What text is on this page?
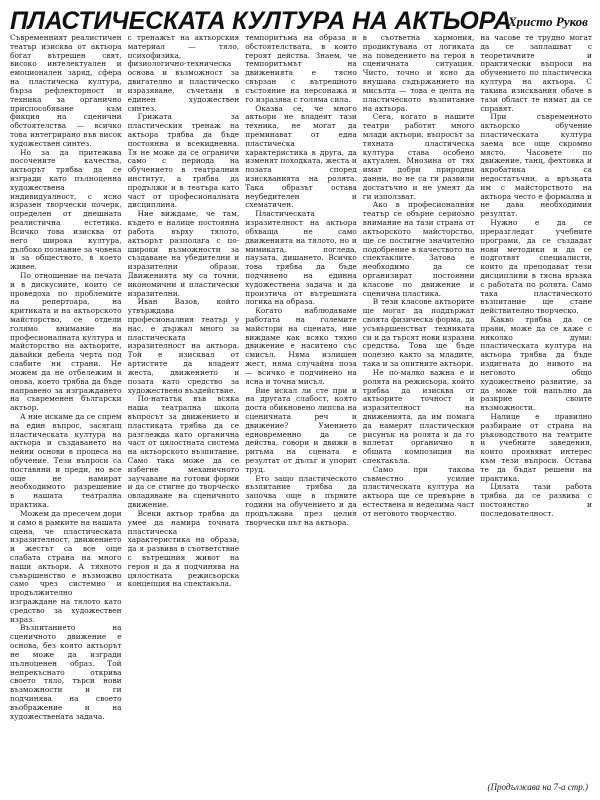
ПЛАСТИЧЕСКАТА КУЛТУРА НА АКТЬОРА
Христо Руков

Съвременният реалистичен театър изисква от актьора богат вътрешен свят, високо интелектуален и емоционален заряд, сфера на пластическа култура, бърза рефлекторност и техника за органично приспособяване към фикция на сценични обстоятелства — всичко това интегрирано във висок художествен синтез.

Но за да притежава посочените качества, актьорът трябва да се изгради като пълноценна художествена индивидуалност, с ясно изразен творчески почерк, определен от днешната реалистична естетика. Всичко това изисква от него широка култура, дълбоко познание за човека и за обществото, в което живее.

По отношение на печата и в дискусиите, които се проведоха по проблемите на репертоара, на критиката и на актьорското майсторство, се отдели голямо внимание на професионалната култура и майсторство на актьорите, давайки дебела черта под слабите ни страни. Не можем да не отбележим и онова, което трябва да бъде направено за изграждането на съвременен български актьор.

А ние искаме да се спрем на един въпрос, засягащ пластическата култура на актьора и създаването на нейни основи в процеса на обучение. Тези въпроси са поставяни и преди, но все още не намират необходимото разрешение в нашата театрална практика.

Можем да пресечем дори и само в рамките на нашата сцена, че пластическата изразителност, движението и жестът са все още слабата страна на много наши актьори. А тяхното съвършенство е възможно само чрез системно и продължително изграждане на тялото като средство за художествен израз.

Възпитанието на сценичното движение е основа, без която актьорът не може да изгради пълноценен образ. Той непрекъснато открива своето тяло, търси нови възможности и ги подчинява на своето въображение и на художествената задача.

с тренажът на актьорския материал — тяло, психофизика, физиологично-техническа основа и възможност за двигателно и пластическо изразяване, съчетани в единен художествен синтез.

Грижата за пластическия тренаж на актьора трябва да бъде постоянна и всекидневна. Тя не може да се ограничи само с периода на обучението в театралния институт, а трябва да продължи и в театъра като част от професионалната дисциплина.

Ние виждаме, че там, където е налице постоянна работа върху тялото, актьорът разполага с по-широки възможности за създаване на убедителни и изразителни образи. Движенията му са точни, икономични и пластически изразителни.

Иван Вазов, който утвърждава професионалния театър у нас, е държал много за пластическата изразителност на актьора. Той е изисквал от артистите да владеят жеста, движението и позата като средство за художествено въздействие.

По-нататък във всяка наша театрална школа въпросът за движението и пластиката трябва да се разглежда като органична част от цялостната система на актьорското възпитание. Само така може да се избегне механичното заучаване на готови форми и да се стигне до творческо овладяване на сценичното движение.

Всеки актьор трябва да умее да намира точната пластическа характеристика на образа, да я развива в съответствие с вътрешния живот на героя и да я подчинява на цялостната режисьорска концепция на спектакъла.

темпоритъма на образа и обстоятелствата, в които героят действа. Знаем, че темпоритъмът на движенията е тясно свързан с вътрешното състояние на персонажа и го изразява с голяма сила.

Оказва се, че много актьори не владеят тази техника, не могат да преминават от една пластическа характеристика в друга, да изменят походката, жеста и позата според изискванията на ролята. Така образът остава неубедителен и схематичен.

Пластическата изразителност на актьора обхваща не само движенията на тялото, но и мимиката, погледа, паузата, дишането. Всичко това трябва да бъде подчинено на единна художествена задача и да произтича от вътрешната логика на образа.

Когато наблюдаваме работата на големите майстори на сцената, ние виждаме как всяко тяхно движение е наситено със смисъл. Няма излишен жест, няма случайна поза — всичко е подчинено на ясна и точна мисъл.

Вие искал ли сте при и на другата слабост, която доста обикновено липсва на сценичната реч и движение? Умението едновременно да се действа, говори и движи в ритъма на сцената е резултат от дълъг и упорит труд.

Ето защо пластическото възпитание трябва да започва още в първите години на обучението и да продължава през целия творчески път на актьора.

в съответна хармония, продиктувана от логиката на поведението на героя в сценичната ситуация. Чисто, точно и ясно да внушава съдържанието на мисълта — това е целта на пластическото възпитание на актьора.

Сега, когато в нашите театри работят много млади актьори, въпросът за тяхната пластическа култура става особено актуален. Мнозина от тях имат добри природни данни, но не са ги развили достатъчно и не умеят да ги използват.

Ако в професионалния театър се обърне сериозно внимание на тази страна от актьорското майсторство, ще се постигне значително подобрение в качеството на спектаклите. Затова е необходимо да се организират постоянни класове по движение и сценична пластика.

В тези класове актьорите ще могат да поддържат своята физическа форма, да усъвършенстват техниката си и да търсят нови изразни средства. Това ще бъде полезно както за младите, така и за опитните актьори.

Не по-малко важна е и ролята на режисьора, който трябва да изисква от актьорите точност и изразителност на движенията, да им помага да намерят пластическия рисунък на ролята и да го вплетат органично в общата композиция на спектакъла.

Само при такова съвместно усилие пластическата култура на актьора ще се превърне в естествена и неделима част от неговото творчество.

на часове те трудно могат да се заплашват с теоретичните и практически въпроси на обучението по пластическа култура на актьора. С такива изисквания обаче в тази област те нямат да се справят.

При съвременното актьорско обучение пластическата култура заема все още скромно място. Часовете по движение, танц, фехтовка и акробатика са недостатъчни, а връзката им с майсторството на актьора често е формална и не дава необходимия резултат.

Нужно е да се преразгледат учебните програми, да се създадат нови методики и да се подготвят специалисти, които да преподават тези дисциплини в тясна връзка с работата по ролята. Само така пластическото възпитание ще стане действително творческо.

Какво трябва да се прави, може да се каже с няколко думи: пластическата култура на актьора трябва да бъде издигната до нивото на неговото общо художествено развитие, за да може той напълно да разкрие своите възможности.

Налице е правилно разбиране от страна на ръководството на театрите и учебните заведения, които проявяват интерес към тези въпроси. Остава те да бъдат решени на практика.

Цялата тази работа трябва да се развива с постоянство и последователност.

(Продължава на 7-а стр.)
